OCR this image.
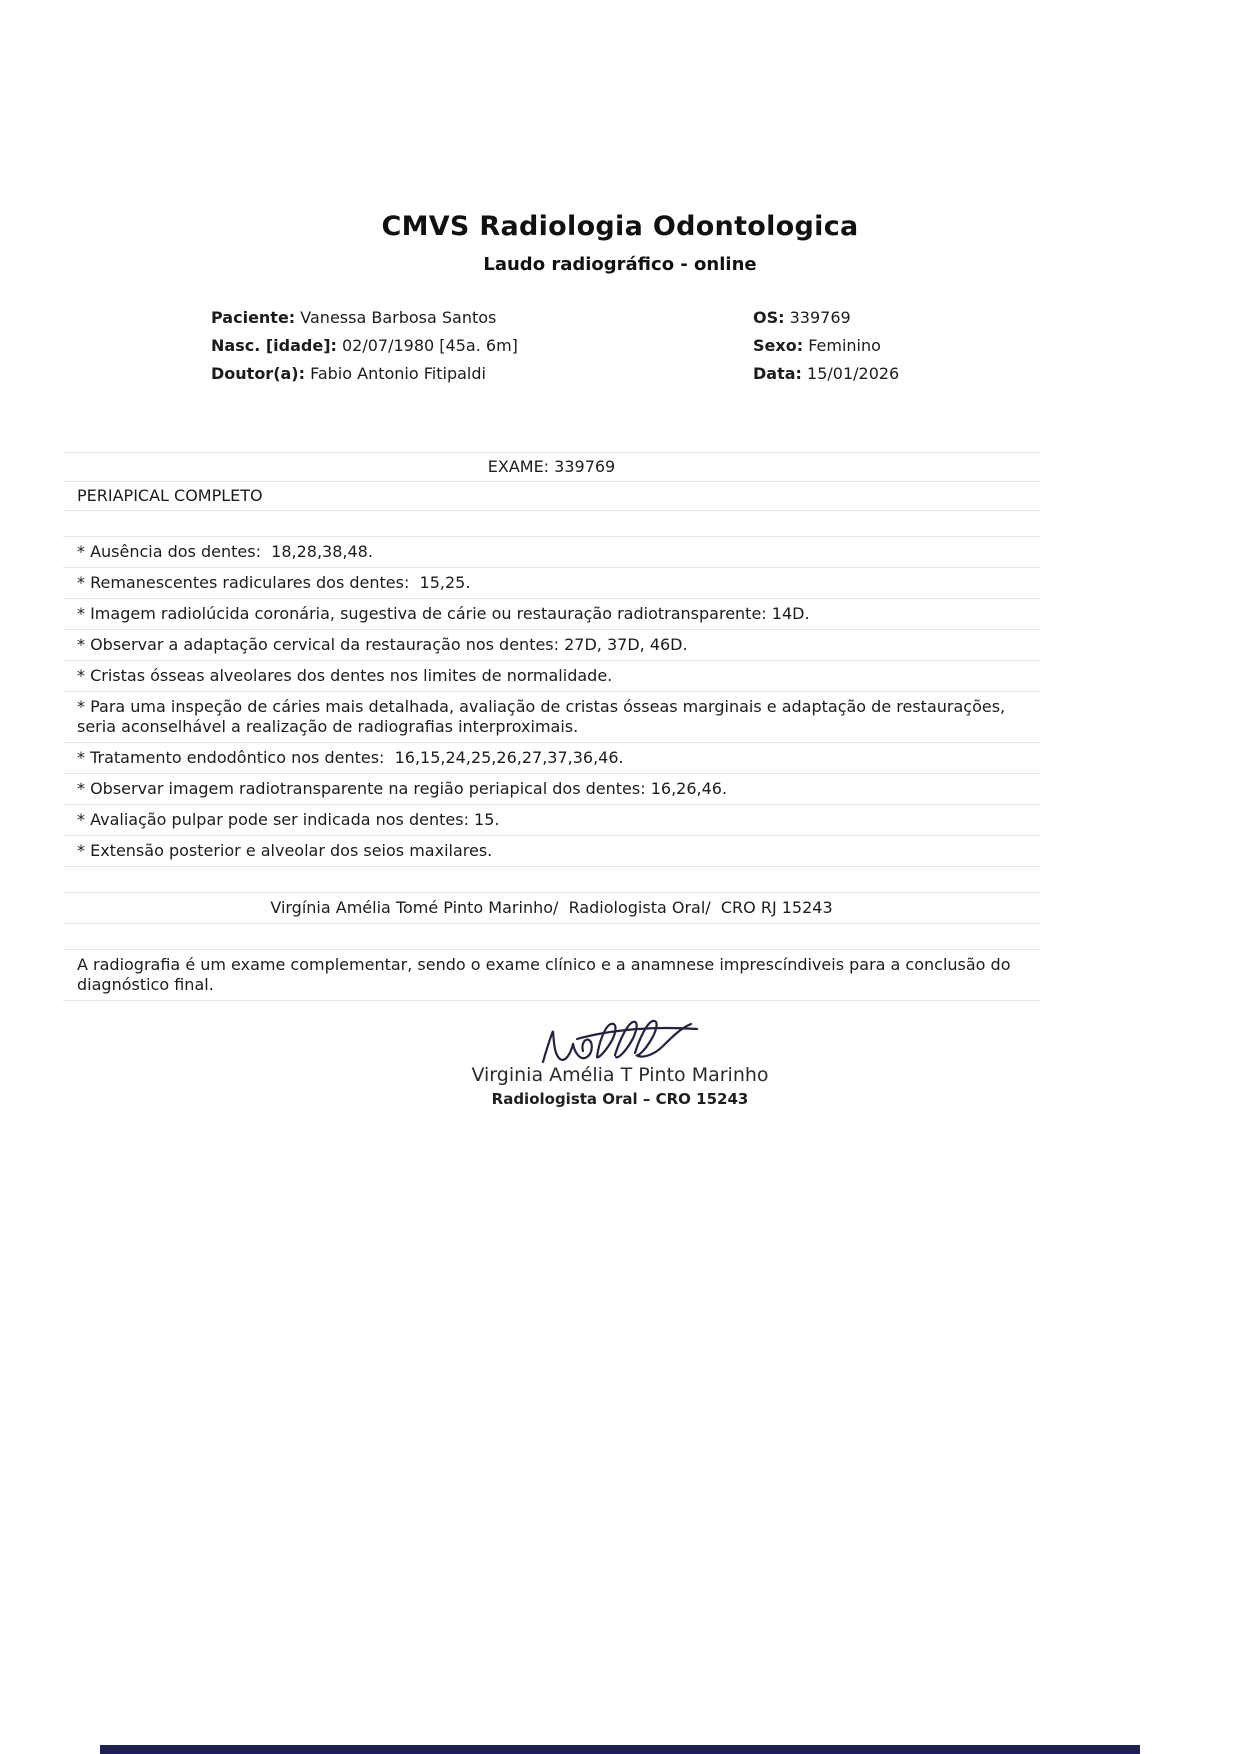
CMVS Radiologia Odontologica
Laudo radiográfico - online
Paciente: Vanessa Barbosa Santos	OS: 339769
Nasc. [idade]: 02/07/1980 [45a. 6m]	Sexo: Feminino
Doutor(a): Fabio Antonio Fitipaldi	Data: 15/01/2026
EXAME: 339769
PERIAPICAL COMPLETO
* Ausência dos dentes:  18,28,38,48.
* Remanescentes radiculares dos dentes:  15,25.
* Imagem radiolúcida coronária, sugestiva de cárie ou restauração radiotransparente: 14D.
* Observar a adaptação cervical da restauração nos dentes: 27D, 37D, 46D.
* Cristas ósseas alveolares dos dentes nos limites de normalidade.
* Para uma inspeção de cáries mais detalhada, avaliação de cristas ósseas marginais e adaptação de restaurações, seria aconselhável a realização de radiografias interproximais.
* Tratamento endodôntico nos dentes:  16,15,24,25,26,27,37,36,46.
* Observar imagem radiotransparente na região periapical dos dentes: 16,26,46.
* Avaliação pulpar pode ser indicada nos dentes: 15.
* Extensão posterior e alveolar dos seios maxilares.
Virgínia Amélia Tomé Pinto Marinho/  Radiologista Oral/  CRO RJ 15243
A radiografia é um exame complementar, sendo o exame clínico e a anamnese imprescíndiveis para a conclusão do diagnóstico final.
Virginia Amélia T Pinto Marinho
Radiologista Oral – CRO 15243
